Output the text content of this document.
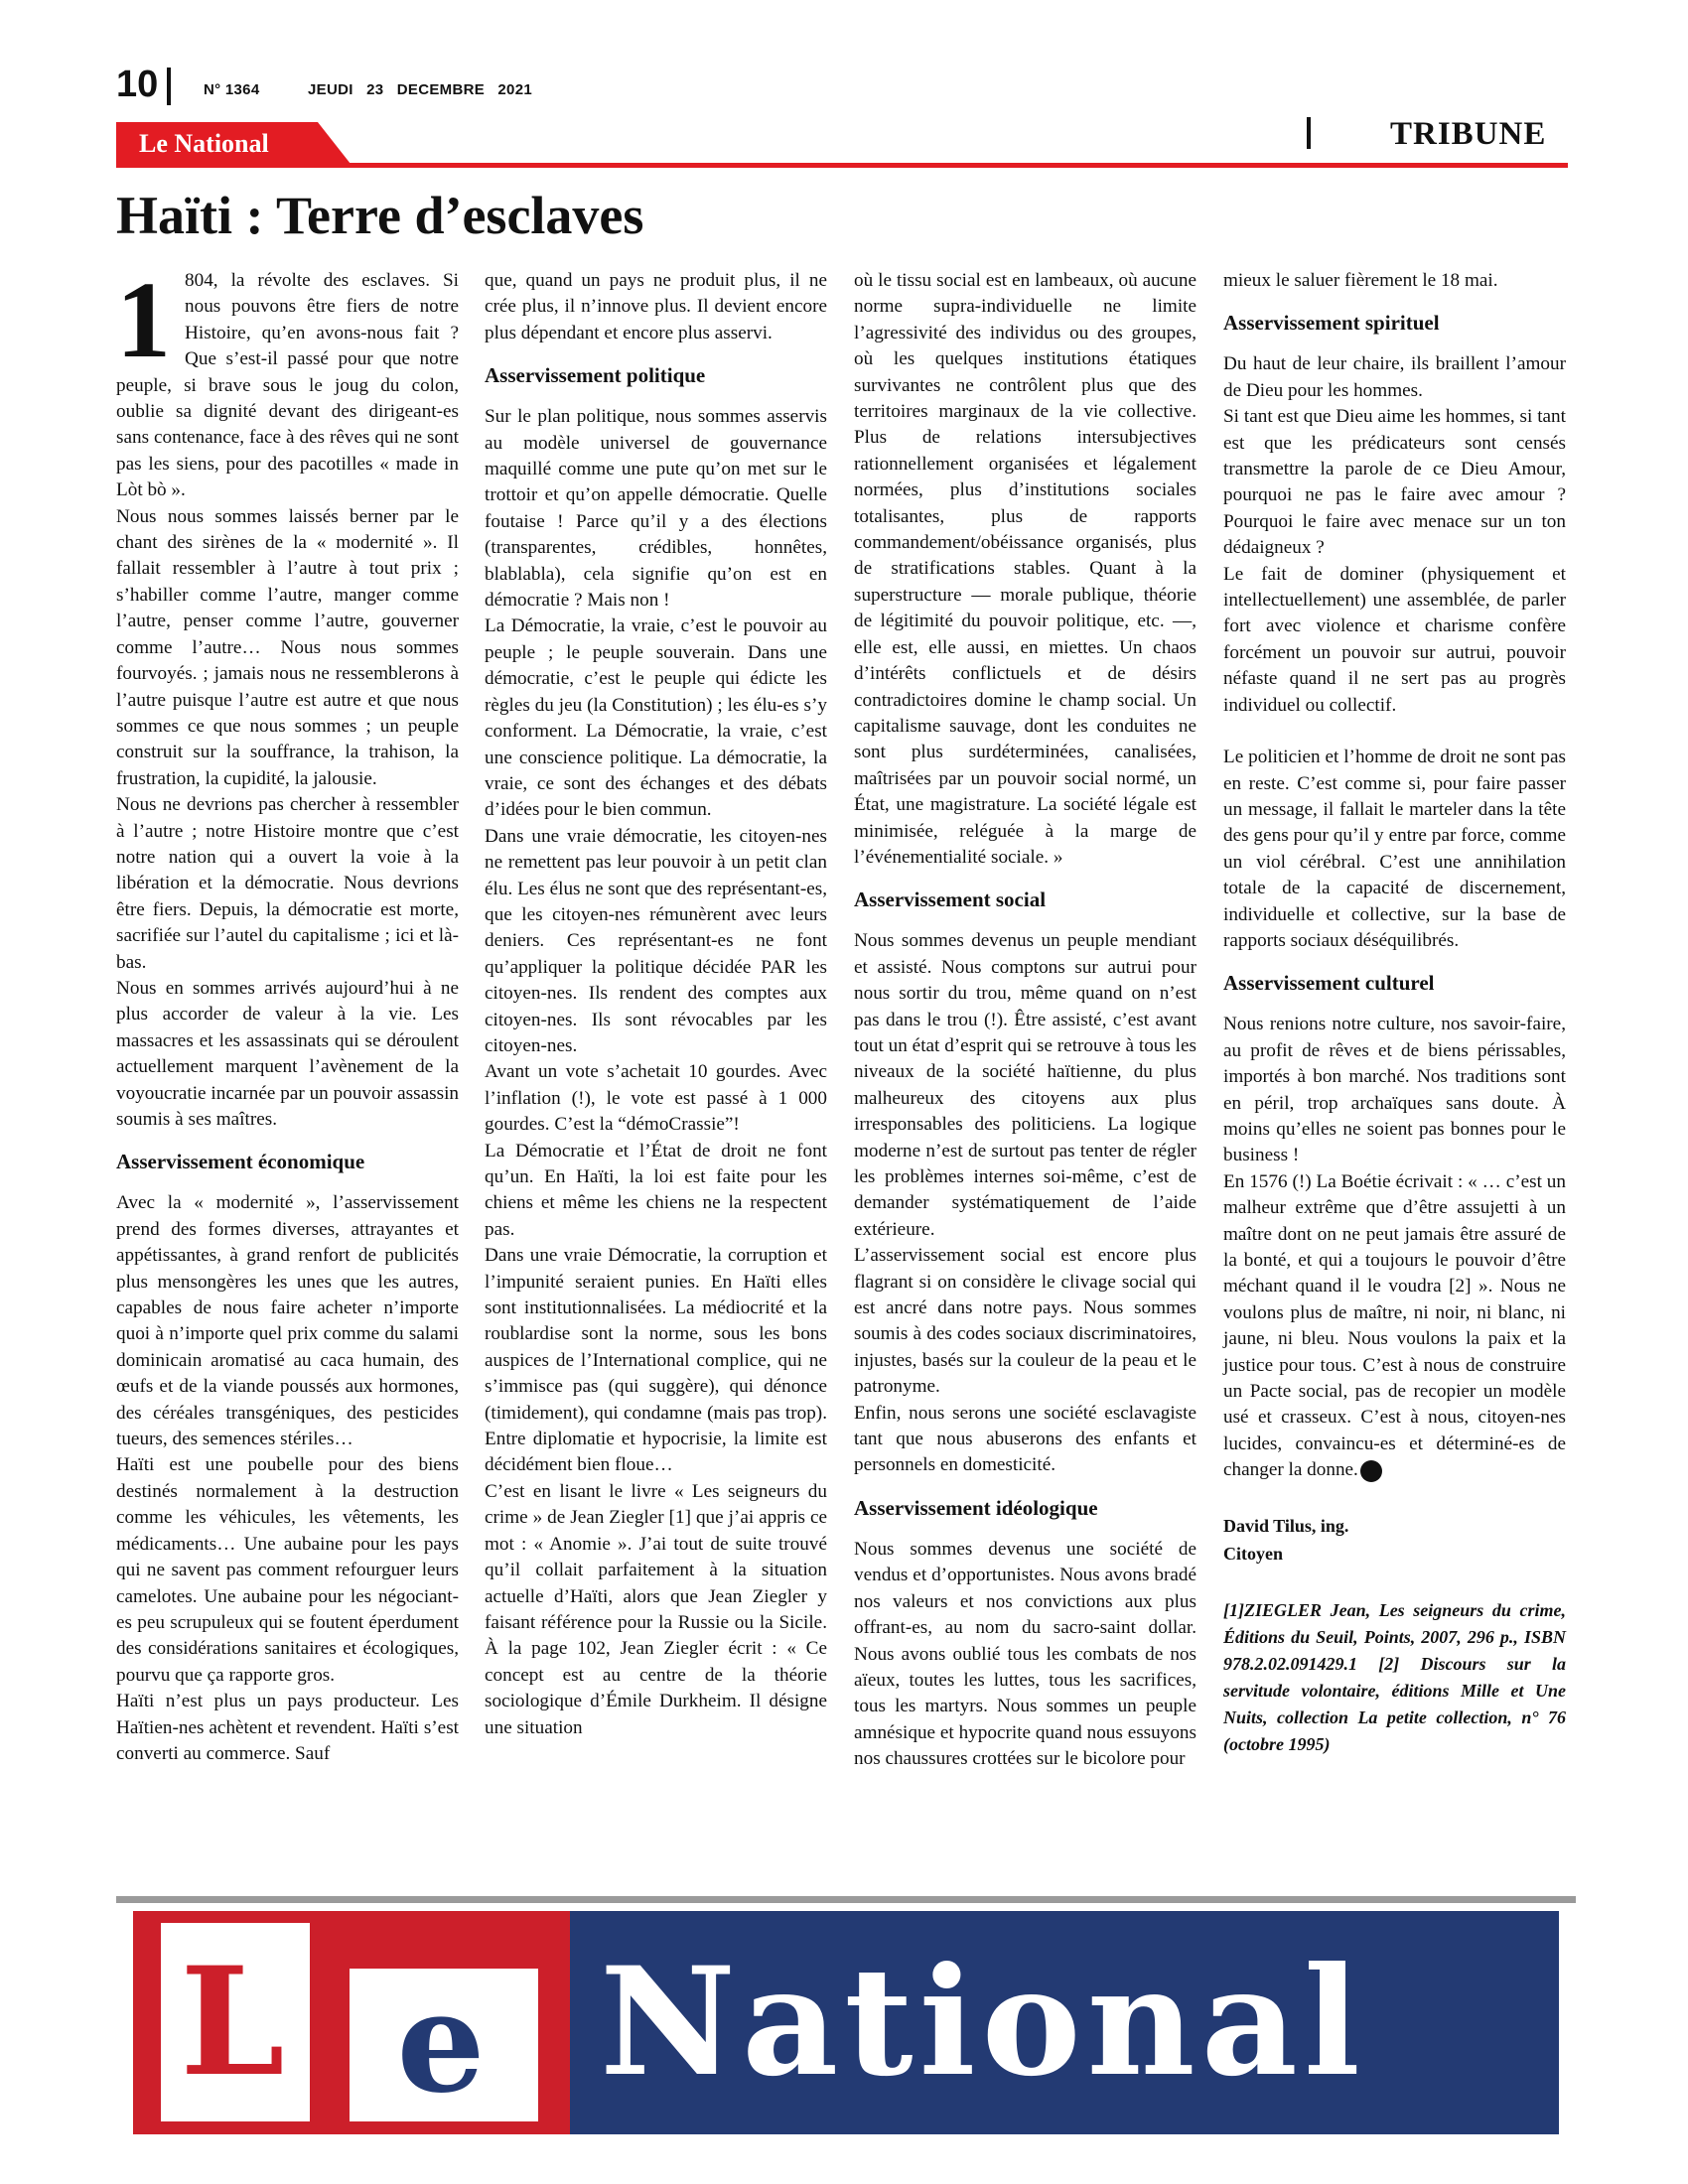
10	N° 1364	JEUDI   23   DECEMBRE   2021
TRIBUNE
Le National
Haïti : Terre d’esclaves
1 804, la révolte des esclaves. Si nous pouvons être fiers de notre Histoire, qu’en avons-nous fait ? Que s’est-il passé pour que notre peuple, si brave sous le joug du colon, oublie sa dignité devant des dirigeant-es sans contenance, face à des rêves qui ne sont pas les siens, pour des pacotilles « made in Lòt bò ».

Nous nous sommes laissés berner par le chant des sirènes de la « modernité ». Il fallait ressembler à l’autre à tout prix ; s’habiller comme l’autre, manger comme l’autre, penser comme l’autre, gouverner comme l’autre… Nous nous sommes fourvoyés. ; jamais nous ne ressemblerons à l’autre puisque l’autre est autre et que nous sommes ce que nous sommes ; un peuple construit sur la souffrance, la trahison, la frustration, la cupidité, la jalousie.

Nous ne devrions pas chercher à ressembler à l’autre ; notre Histoire montre que c’est notre nation qui a ouvert la voie à la libération et la démocratie. Nous devrions être fiers. Depuis, la démocratie est morte, sacrifiée sur l’autel du capitalisme ; ici et là-bas.

Nous en sommes arrivés aujourd’hui à ne plus accorder de valeur à la vie. Les massacres et les assassinats qui se déroulent actuellement marquent l’avènement de la voyoucratie incarnée par un pouvoir assassin soumis à ses maîtres.

Asservissement économique

Avec la « modernité », l’asservissement prend des formes diverses, attrayantes et appétissantes, à grand renfort de publicités plus mensongères les unes que les autres, capables de nous faire acheter n’importe quoi à n’importe quel prix comme du salami dominicain aromatisé au caca humain, des œufs et de la viande poussés aux hormones, des céréales transgéniques, des pesticides tueurs, des semences stériles…

Haïti est une poubelle pour des biens destinés normalement à la destruction comme les véhicules, les vêtements, les médicaments… Une aubaine pour les pays qui ne savent pas comment refourguer leurs camelotes. Une aubaine pour les négociant-es peu scrupuleux qui se foutent éperdument des considérations sanitaires et écologiques, pourvu que ça rapporte gros.

Haïti n’est plus un pays producteur. Les Haïtien-nes achètent et revendent. Haïti s’est converti au commerce. Sauf

que, quand un pays ne produit plus, il ne crée plus, il n’innove plus. Il devient encore plus dépendant et encore plus asservi.

Asservissement politique

Sur le plan politique, nous sommes asservis au modèle universel de gouvernance maquillé comme une pute qu’on met sur le trottoir et qu’on appelle démocratie. Quelle foutaise ! Parce qu’il y a des élections (transparentes, crédibles, honnêtes, blablabla), cela signifie qu’on est en démocratie ? Mais non !

La Démocratie, la vraie, c’est le pouvoir au peuple ; le peuple souverain. Dans une démocratie, c’est le peuple qui édicte les règles du jeu (la Constitution) ; les élu-es s’y conforment. La Démocratie, la vraie, c’est une conscience politique. La démocratie, la vraie, ce sont des échanges et des débats d’idées pour le bien commun.

Dans une vraie démocratie, les citoyen-nes ne remettent pas leur pouvoir à un petit clan élu. Les élus ne sont que des représentant-es, que les citoyen-nes rémunèrent avec leurs deniers. Ces représentant-es ne font qu’appliquer la politique décidée PAR les citoyen-nes. Ils rendent des comptes aux citoyen-nes. Ils sont révocables par les citoyen-nes.

Avant un vote s’achetait 10 gourdes. Avec l’inflation (!), le vote est passé à 1 000 gourdes. C’est la “démoCrassie”!

La Démocratie et l’État de droit ne font qu’un. En Haïti, la loi est faite pour les chiens et même les chiens ne la respectent pas.

Dans une vraie Démocratie, la corruption et l’impunité seraient punies. En Haïti elles sont institutionnalisées. La médiocrité et la roublardise sont la norme, sous les bons auspices de l’International complice, qui ne s’immisce pas (qui suggère), qui dénonce (timidement), qui condamne (mais pas trop). Entre diplomatie et hypocrisie, la limite est décidément bien floue…

C’est en lisant le livre « Les seigneurs du crime » de Jean Ziegler [1] que j’ai appris ce mot : « Anomie ». J’ai tout de suite trouvé qu’il collait parfaitement à la situation actuelle d’Haïti, alors que Jean Ziegler y faisant référence pour la Russie ou la Sicile. À la page 102, Jean Ziegler écrit : « Ce concept est au centre de la théorie sociologique d’Émile Durkheim. Il désigne une situation

où le tissu social est en lambeaux, où aucune norme supra-individuelle ne limite l’agressivité des individus ou des groupes, où les quelques institutions étatiques survivantes ne contrôlent plus que des territoires marginaux de la vie collective. Plus de relations intersubjectives rationnellement organisées et légalement normées, plus d’institutions sociales totalisantes, plus de rapports commandement/obéissance organisés, plus de stratifications stables. Quant à la superstructure — morale publique, théorie de légitimité du pouvoir politique, etc. —, elle est, elle aussi, en miettes. Un chaos d’intérêts conflictuels et de désirs contradictoires domine le champ social. Un capitalisme sauvage, dont les conduites ne sont plus surdéterminées, canalisées, maîtrisées par un pouvoir social normé, un État, une magistrature. La société légale est minimisée, reléguée à la marge de l’événementialité sociale. »

Asservissement social

Nous sommes devenus un peuple mendiant et assisté. Nous comptons sur autrui pour nous sortir du trou, même quand on n’est pas dans le trou (!). Être assisté, c’est avant tout un état d’esprit qui se retrouve à tous les niveaux de la société haïtienne, du plus malheureux des citoyens aux plus irresponsables des politiciens. La logique moderne n’est de surtout pas tenter de régler les problèmes internes soi-même, c’est de demander systématiquement de l’aide extérieure.

L’asservissement social est encore plus flagrant si on considère le clivage social qui est ancré dans notre pays. Nous sommes soumis à des codes sociaux discriminatoires, injustes, basés sur la couleur de la peau et le patronyme.

Enfin, nous serons une société esclavagiste tant que nous abuserons des enfants et personnels en domesticité.

Asservissement idéologique

Nous sommes devenus une société de vendus et d’opportunistes. Nous avons bradé nos valeurs et nos convictions aux plus offrant-es, au nom du sacro-saint dollar. Nous avons oublié tous les combats de nos aïeux, toutes les luttes, tous les sacrifices, tous les martyrs. Nous sommes un peuple amnésique et hypocrite quand nous essuyons nos chaussures crottées sur le bicolore pour

mieux le saluer fièrement le 18 mai.

Asservissement spirituel

Du haut de leur chaire, ils braillent l’amour de Dieu pour les hommes.

Si tant est que Dieu aime les hommes, si tant est que les prédicateurs sont censés transmettre la parole de ce Dieu Amour, pourquoi ne pas le faire avec amour ? Pourquoi le faire avec menace sur un ton dédaigneux ?

Le fait de dominer (physiquement et intellectuellement) une assemblée, de parler fort avec violence et charisme confère forcément un pouvoir sur autrui, pouvoir néfaste quand il ne sert pas au progrès individuel ou collectif.

Le politicien et l’homme de droit ne sont pas en reste. C’est comme si, pour faire passer un message, il fallait le marteler dans la tête des gens pour qu’il y entre par force, comme un viol cérébral. C’est une annihilation totale de la capacité de discernement, individuelle et collective, sur la base de rapports sociaux déséquilibrés.

Asservissement culturel

Nous renions notre culture, nos savoir-faire, au profit de rêves et de biens périssables, importés à bon marché. Nos traditions sont en péril, trop archaïques sans doute. À moins qu’elles ne soient pas bonnes pour le business !

En 1576 (!) La Boétie écrivait : « … c’est un malheur extrême que d’être assujetti à un maître dont on ne peut jamais être assuré de la bonté, et qui a toujours le pouvoir d’être méchant quand il le voudra [2] ». Nous ne voulons plus de maître, ni noir, ni blanc, ni jaune, ni bleu. Nous voulons la paix et la justice pour tous. C’est à nous de construire un Pacte social, pas de recopier un modèle usé et crasseux. C’est à nous, citoyen-nes lucides, convaincu-es et déterminé-es de changer la donne.

David Tilus, ing.

Citoyen

[1]ZIEGLER Jean, Les seigneurs du crime, Éditions du Seuil, Points, 2007, 296 p., ISBN 978.2.02.091429.1 [2] Discours sur la servitude volontaire, éditions Mille et Une Nuits, collection La petite collection, n° 76 (octobre 1995)

L e National
